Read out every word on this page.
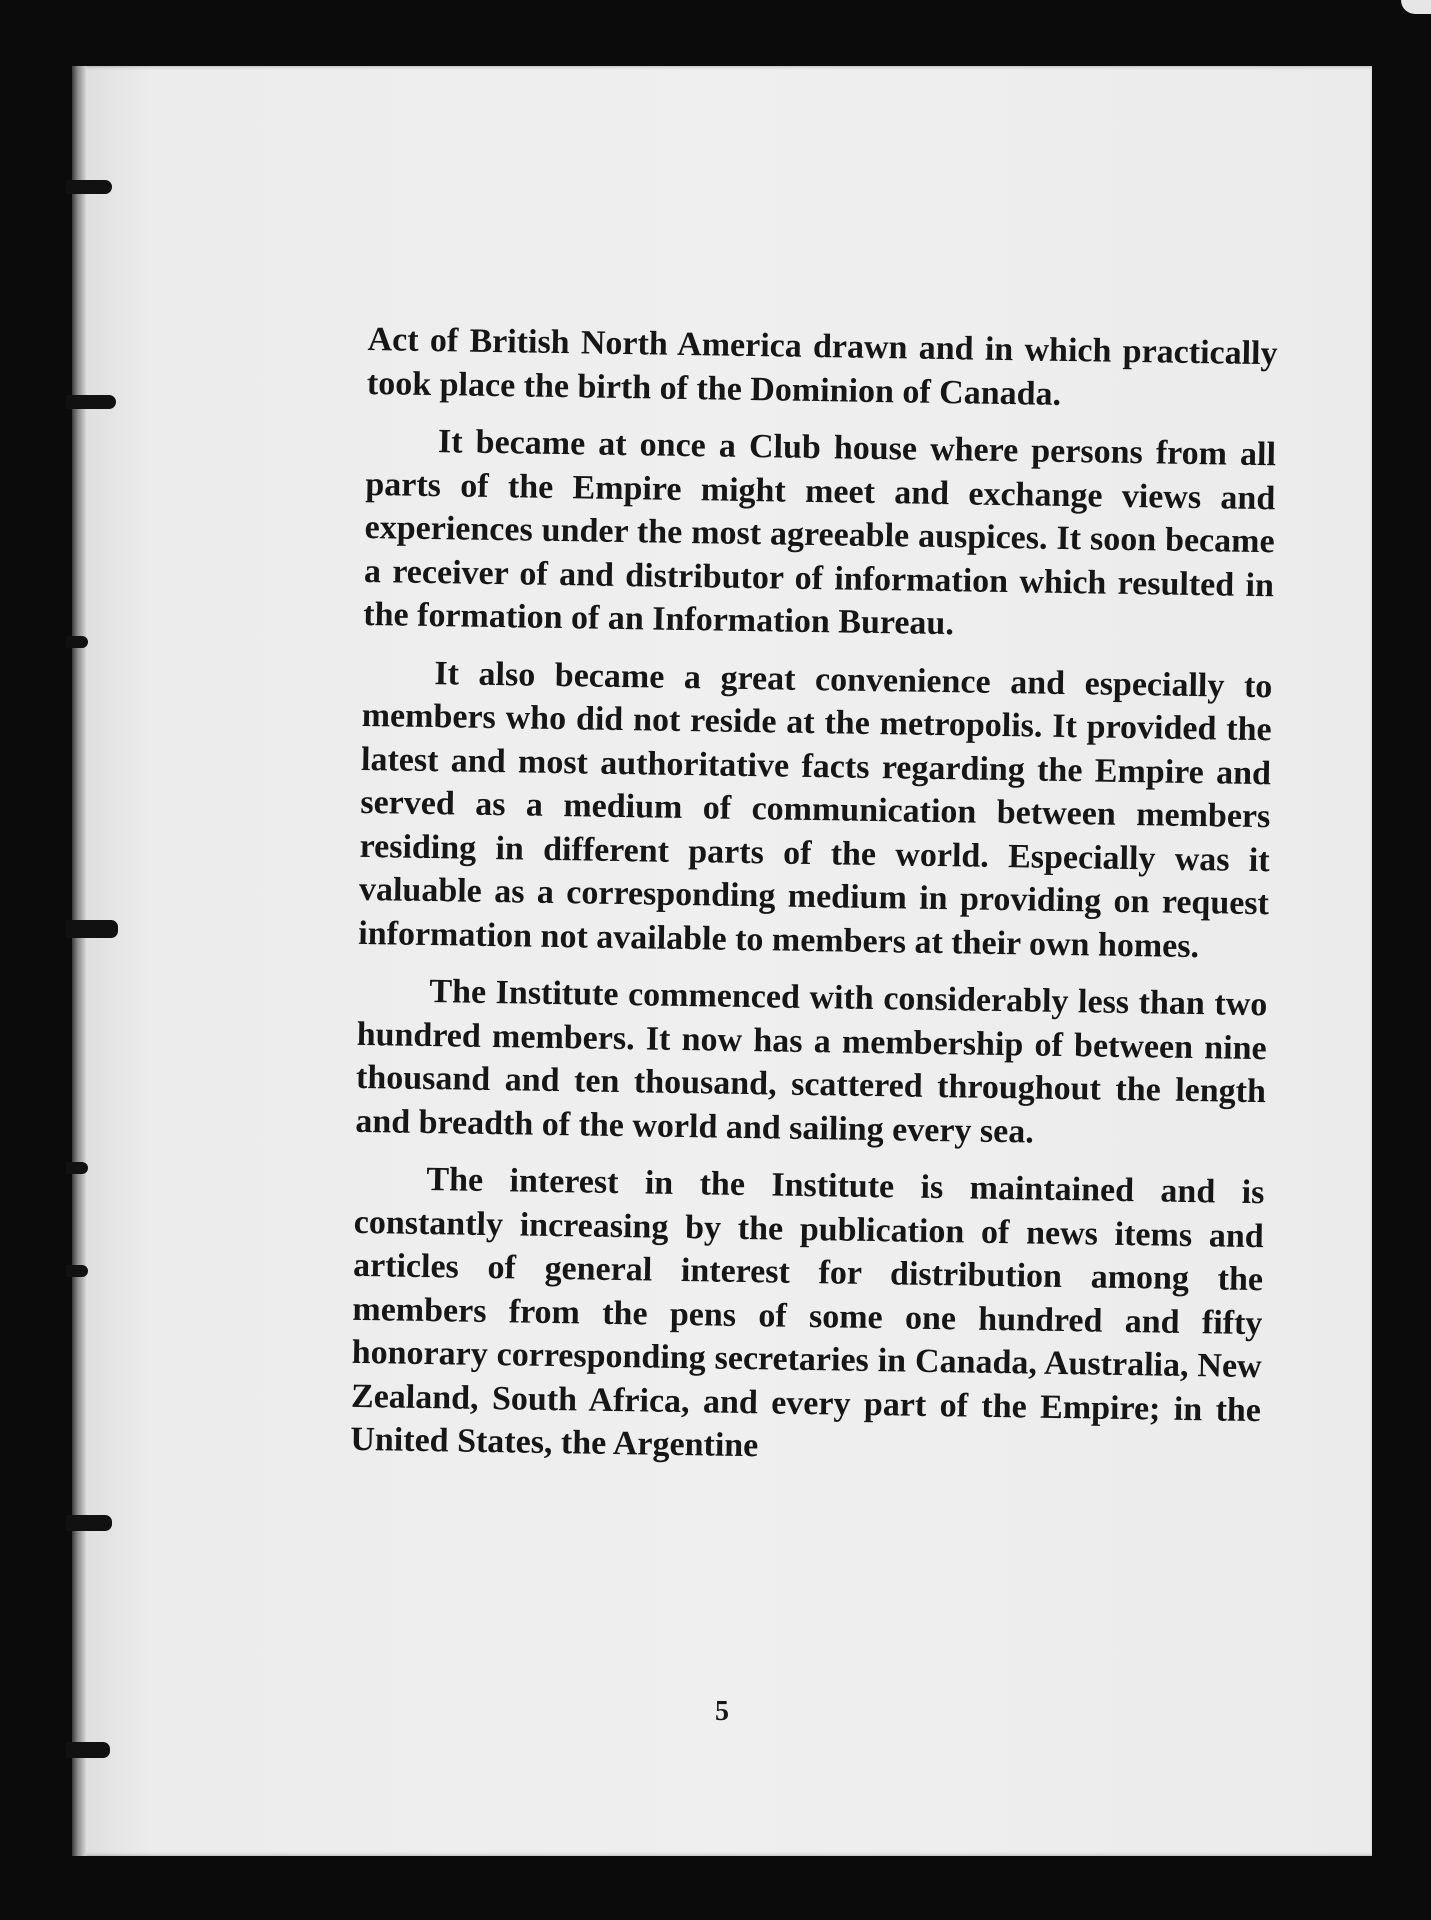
Act of British North America drawn and in which practically took place the birth of the Dominion of Canada.

It became at once a Club house where persons from all parts of the Empire might meet and exchange views and experiences under the most agreeable auspices. It soon became a receiver of and distributor of information which resulted in the formation of an Information Bureau.

It also became a great convenience and especially to members who did not reside at the metropolis. It provided the latest and most authoritative facts regarding the Empire and served as a medium of communication between members residing in different parts of the world. Especially was it valuable as a corresponding medium in providing on request information not available to members at their own homes.

The Institute commenced with considerably less than two hundred members. It now has a membership of between nine thousand and ten thousand, scattered throughout the length and breadth of the world and sailing every sea.

The interest in the Institute is maintained and is constantly increasing by the publication of news items and articles of general interest for distribution among the members from the pens of some one hundred and fifty honorary corresponding secretaries in Canada, Australia, New Zealand, South Africa, and every part of the Empire; in the United States, the Argentine

5
